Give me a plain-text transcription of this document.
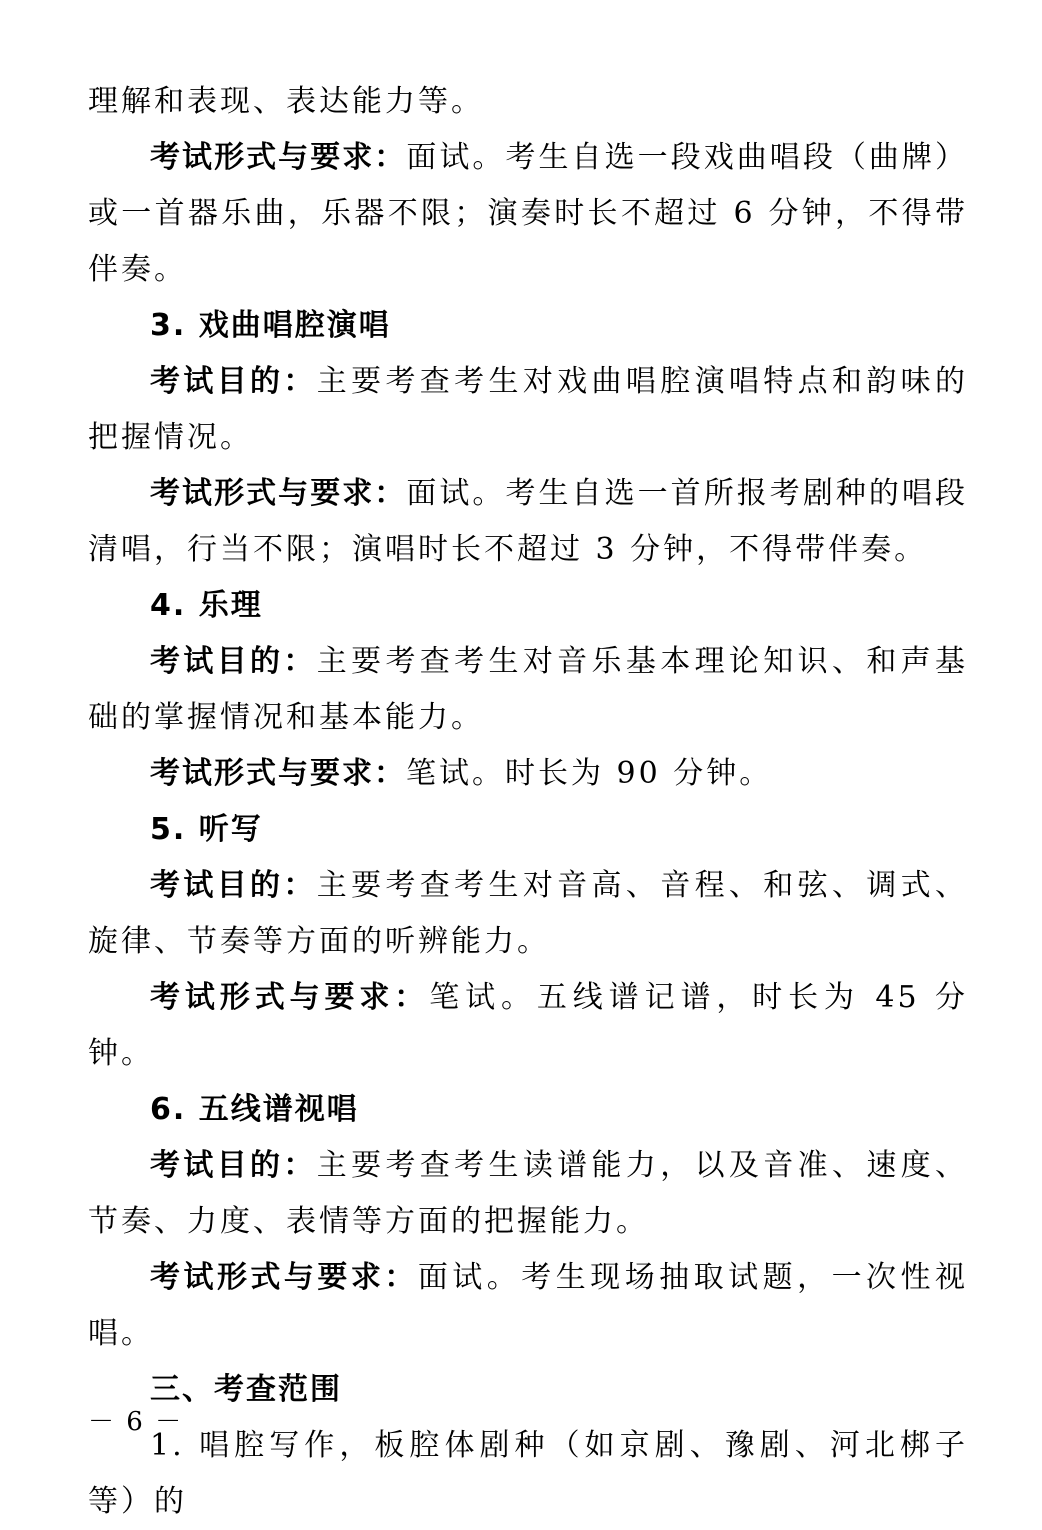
理解和表现、表达能力等。

考试形式与要求：面试。考生自选一段戏曲唱段（曲牌）或一首器乐曲，乐器不限；演奏时长不超过 6 分钟，不得带伴奏。

3. 戏曲唱腔演唱

考试目的：主要考查考生对戏曲唱腔演唱特点和韵味的把握情况。

考试形式与要求：面试。考生自选一首所报考剧种的唱段清唱，行当不限；演唱时长不超过 3 分钟，不得带伴奏。

4. 乐理

考试目的：主要考查考生对音乐基本理论知识、和声基础的掌握情况和基本能力。

考试形式与要求：笔试。时长为 90 分钟。

5. 听写

考试目的：主要考查考生对音高、音程、和弦、调式、旋律、节奏等方面的听辨能力。

考试形式与要求：笔试。五线谱记谱，时长为 45 分钟。

6. 五线谱视唱

考试目的：主要考查考生读谱能力，以及音准、速度、节奏、力度、表情等方面的把握能力。

考试形式与要求：面试。考生现场抽取试题，一次性视唱。

三、考查范围

1. 唱腔写作，板腔体剧种（如京剧、豫剧、河北梆子等）的

－ 6 －
